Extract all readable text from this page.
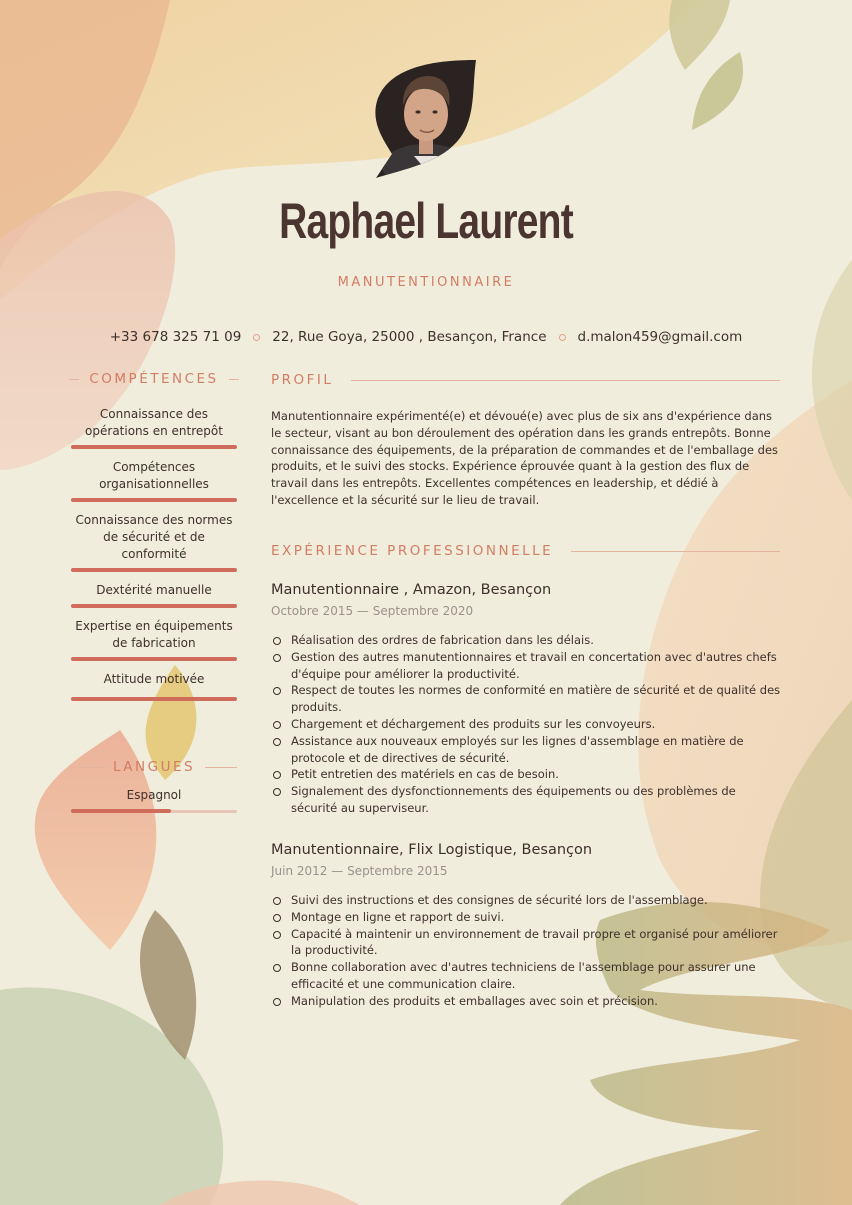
Raphael Laurent
MANUTENTIONNAIRE
+33 678 325 71 09 22, Rue Goya, 25000 , Besançon, France d.malon459@gmail.com
COMPÉTENCES
Connaissance des opérations en entrepôt
Compétences organisationnelles
Connaissance des normes de sécurité et de conformité
Dextérité manuelle
Expertise en équipements de fabrication
Attitude motivée
LANGUES
Espagnol
PROFIL
Manutentionnaire expérimenté(e) et dévoué(e) avec plus de six ans d'expérience dans le secteur, visant au bon déroulement des opération dans les grands entrepôts. Bonne connaissance des équipements, de la préparation de commandes et de l'emballage des produits, et le suivi des stocks. Expérience éprouvée quant à la gestion des flux de travail dans les entrepôts. Excellentes compétences en leadership, et dédié à l'excellence et la sécurité sur le lieu de travail.
EXPÉRIENCE PROFESSIONNELLE
Manutentionnaire , Amazon, Besançon
Octobre 2015 — Septembre 2020
Réalisation des ordres de fabrication dans les délais.
Gestion des autres manutentionnaires et travail en concertation avec d'autres chefs d'équipe pour améliorer la productivité.
Respect de toutes les normes de conformité en matière de sécurité et de qualité des produits.
Chargement et déchargement des produits sur les convoyeurs.
Assistance aux nouveaux employés sur les lignes d'assemblage en matière de protocole et de directives de sécurité.
Petit entretien des matériels en cas de besoin.
Signalement des dysfonctionnements des équipements ou des problèmes de sécurité au superviseur.
Manutentionnaire, Flix Logistique, Besançon
Juin 2012 — Septembre 2015
Suivi des instructions et des consignes de sécurité lors de l'assemblage.
Montage en ligne et rapport de suivi.
Capacité à maintenir un environnement de travail propre et organisé pour améliorer la productivité.
Bonne collaboration avec d'autres techniciens de l'assemblage pour assurer une efficacité et une communication claire.
Manipulation des produits et emballages avec soin et précision.
